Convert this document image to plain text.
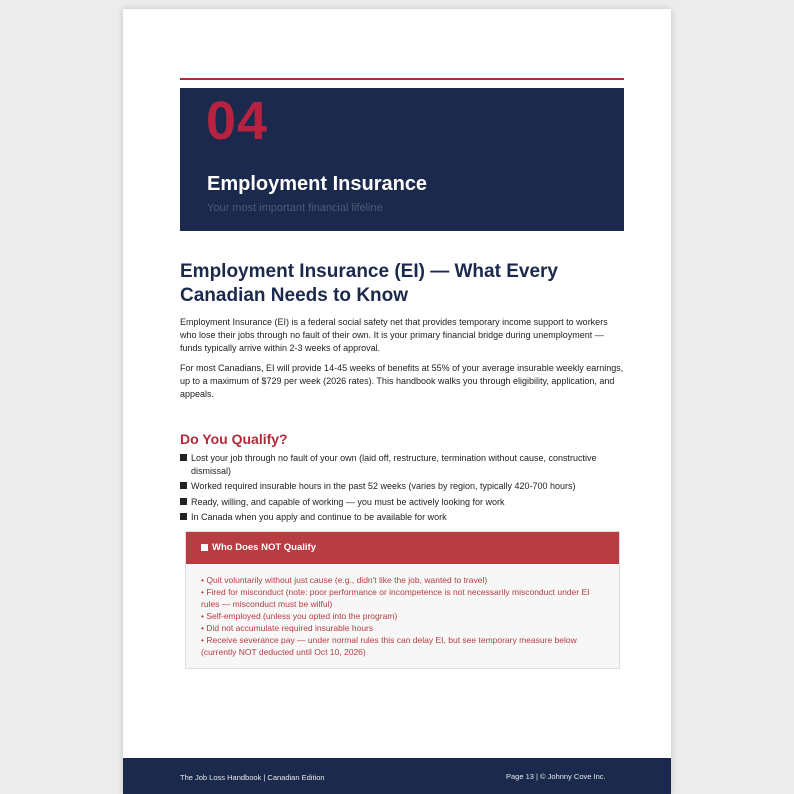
04
Employment Insurance
Your most important financial lifeline
Employment Insurance (EI) — What Every
Canadian Needs to Know

Employment Insurance (EI) is a federal social safety net that provides temporary income support to workers who lose their jobs through no fault of their own. It is your primary financial bridge during unemployment — funds typically arrive within 2-3 weeks of approval.

For most Canadians, EI will provide 14-45 weeks of benefits at 55% of your average insurable weekly earnings, up to a maximum of $729 per week (2026 rates). This handbook walks you through eligibility, application, and appeals.

Do You Qualify?
Lost your job through no fault of your own (laid off, restructure, termination without cause, constructive dismissal)
Worked required insurable hours in the past 52 weeks (varies by region, typically 420-700 hours)
Ready, willing, and capable of working — you must be actively looking for work
In Canada when you apply and continue to be available for work
Who Does NOT Qualify
• Quit voluntarily without just cause (e.g., didn't like the job, wanted to travel)
• Fired for misconduct (note: poor performance or incompetence is not necessarily misconduct under EI rules — misconduct must be wilful)
• Self-employed (unless you opted into the program)
• Did not accumulate required insurable hours
• Receive severance pay — under normal rules this can delay EI, but see temporary measure below (currently NOT deducted until Oct 10, 2026)
The Job Loss Handbook | Canadian Edition	Page 13 | © Johnny Cove Inc.
